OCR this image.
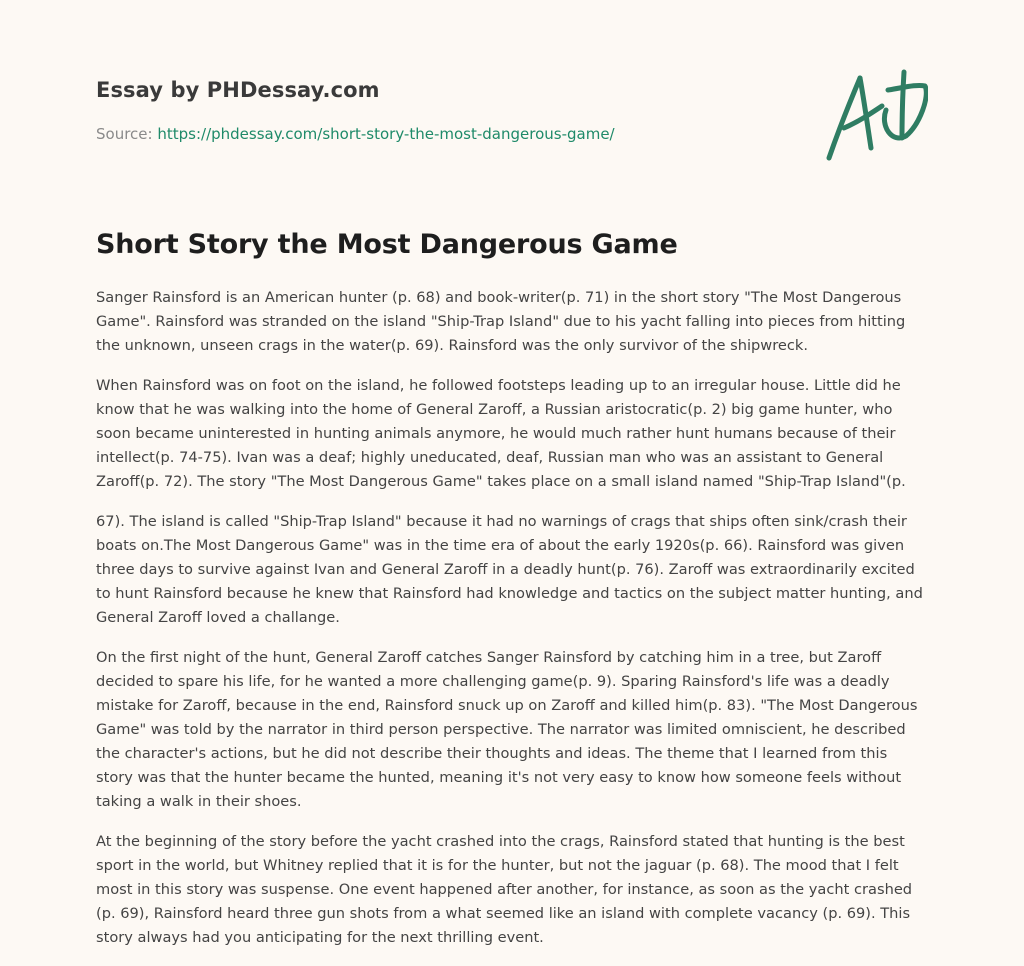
Essay by PHDessay.com
Source: https://phdessay.com/short-story-the-most-dangerous-game/
Short Story the Most Dangerous Game

Sanger Rainsford is an American hunter (p. 68) and book-writer(p. 71) in the short story "The Most Dangerous Game". Rainsford was stranded on the island "Ship-Trap Island" due to his yacht falling into pieces from hitting the unknown, unseen crags in the water(p. 69). Rainsford was the only survivor of the shipwreck.

When Rainsford was on foot on the island, he followed footsteps leading up to an irregular house. Little did he know that he was walking into the home of General Zaroff, a Russian aristocratic(p. 2) big game hunter, who soon became uninterested in hunting animals anymore, he would much rather hunt humans because of their intellect(p. 74-75). Ivan was a deaf; highly uneducated, deaf, Russian man who was an assistant to General Zaroff(p. 72). The story "The Most Dangerous Game" takes place on a small island named "Ship-Trap Island"(p.

67). The island is called "Ship-Trap Island" because it had no warnings of crags that ships often sink/crash their boats on.The Most Dangerous Game" was in the time era of about the early 1920s(p. 66). Rainsford was given three days to survive against Ivan and General Zaroff in a deadly hunt(p. 76). Zaroff was extraordinarily excited to hunt Rainsford because he knew that Rainsford had knowledge and tactics on the subject matter hunting, and General Zaroff loved a challange.

On the first night of the hunt, General Zaroff catches Sanger Rainsford by catching him in a tree, but Zaroff decided to spare his life, for he wanted a more challenging game(p. 9). Sparing Rainsford's life was a deadly mistake for Zaroff, because in the end, Rainsford snuck up on Zaroff and killed him(p. 83). "The Most Dangerous Game" was told by the narrator in third person perspective. The narrator was limited omniscient, he described the character's actions, but he did not describe their thoughts and ideas. The theme that I learned from this story was that the hunter became the hunted, meaning it's not very easy to know how someone feels without taking a walk in their shoes.

At the beginning of the story before the yacht crashed into the crags, Rainsford stated that hunting is the best sport in the world, but Whitney replied that it is for the hunter, but not the jaguar (p. 68). The mood that I felt most in this story was suspense. One event happened after another, for instance, as soon as the yacht crashed (p. 69), Rainsford heard three gun shots from a what seemed like an island with complete vacancy (p. 69). This story always had you anticipating for the next thrilling event.
